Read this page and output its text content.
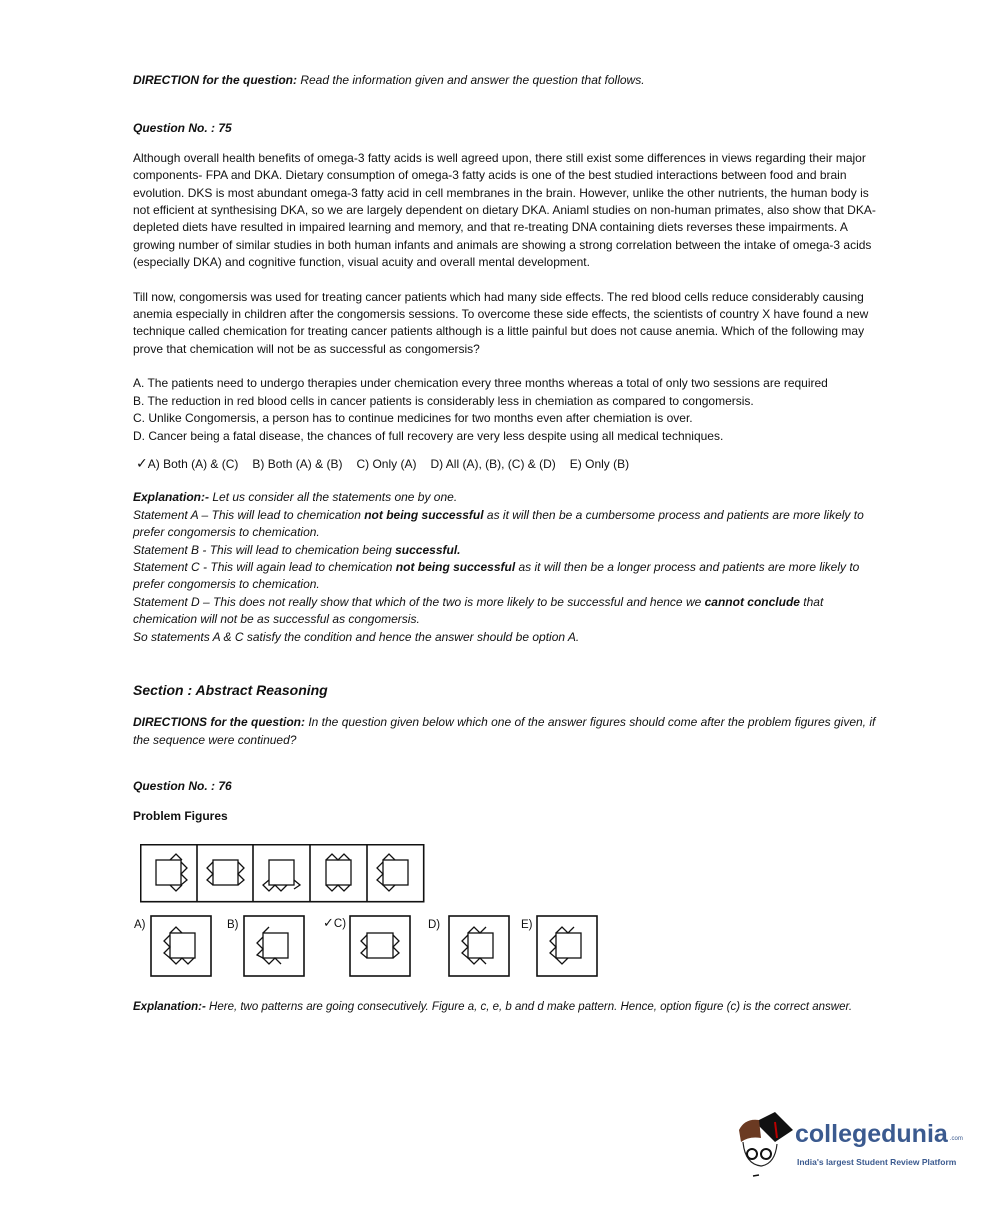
DIRECTION for the question: Read the information given and answer the question that follows.
Question No. : 75
Although overall health benefits of omega-3 fatty acids is well agreed upon, there still exist some differences in views regarding their major components- FPA and DKA. Dietary consumption of omega-3 fatty acids is one of the best studied interactions between food and brain evolution. DKS is most abundant omega-3 fatty acid in cell membranes in the brain. However, unlike the other nutrients, the human body is not efficient at synthesising DKA, so we are largely dependent on dietary DKA. Aniaml studies on non-human primates, also show that DKA-depleted diets have resulted in impaired learning and memory, and that re-treating DNA containing diets reverses these impairments. A growing number of similar studies in both human infants and animals are showing a strong correlation between the intake of omega-3 acids (especially DKA) and cognitive function, visual acuity and overall mental development.
Till now, congomersis was used for treating cancer patients which had many side effects. The red blood cells reduce considerably causing anemia especially in children after the congomersis sessions. To overcome these side effects, the scientists of country X have found a new technique called chemication for treating cancer patients although is a little painful but does not cause anemia. Which of the following may prove that chemication will not be as successful as congomersis?

A. The patients need to undergo therapies under chemication every three months whereas a total of only two sessions are required

B. The reduction in red blood cells in cancer patients is considerably less in chemiation as compared to congomersis.

C. Unlike Congomersis, a person has to continue medicines for two months even after chemiation is over.

D. Cancer being a fatal disease, the chances of full recovery are very less despite using all medical techniques.

✓A) Both (A) & (C) B) Both (A) & (B) C) Only (A) D) All (A), (B), (C) & (D) E) Only (B)

Explanation:- Let us consider all the statements one by one.

Statement A – This will lead to chemication not being successful as it will then be a cumbersome process and patients are more likely to prefer congomersis to chemication.

Statement B - This will lead to chemication being successful.

Statement C - This will again lead to chemication not being successful as it will then be a longer process and patients are more likely to prefer congomersis to chemication.

Statement D – This does not really show that which of the two is more likely to be successful and hence we cannot conclude that chemication will not be as successful as congomersis.

So statements A & C satisfy the condition and hence the answer should be option A.

Section : Abstract Reasoning
DIRECTIONS for the question: In the question given below which one of the answer figures should come after the problem figures given, if the sequence were continued?
Question No. : 76
Problem Figures
A)	B)	✓C)	D)	E)
Explanation:- Here, two patterns are going consecutively. Figure a, c, e, b and d make pattern. Hence, option figure (c) is the correct answer.
collegedunia .com
India's largest Student Review Platform
